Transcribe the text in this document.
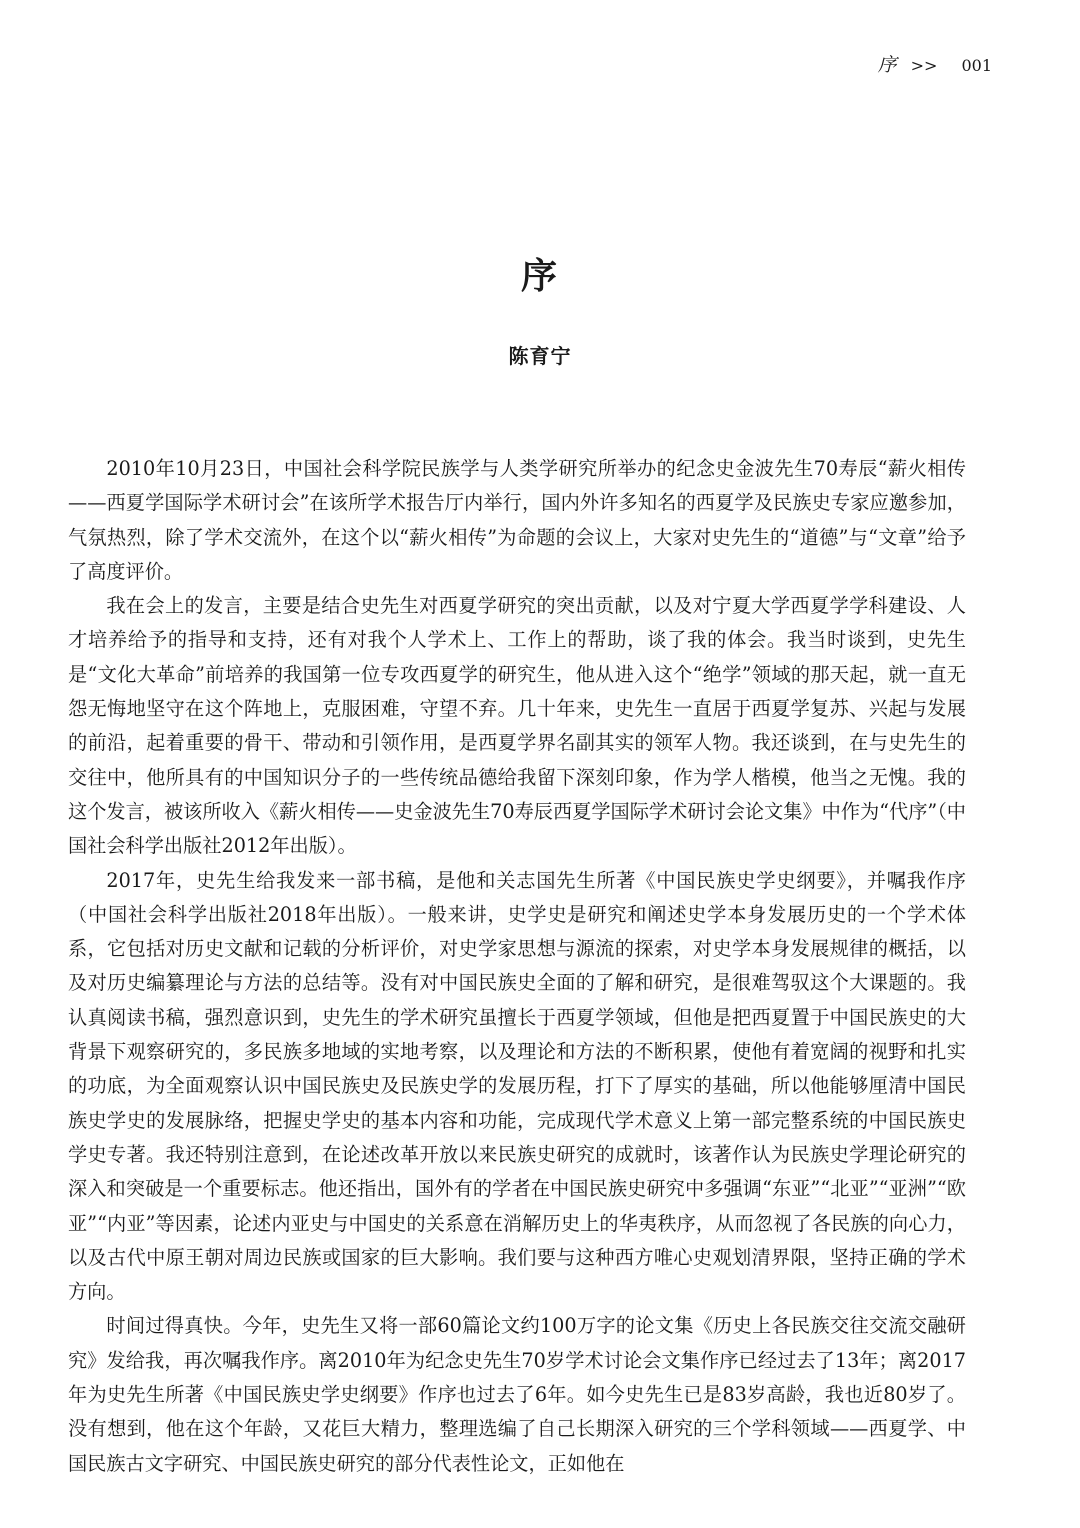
序 >> 001
序
陈育宁

2010年10月23日，中国社会科学院民族学与人类学研究所举办的纪念史金波先生70寿辰“薪火相传——西夏学国际学术研讨会”在该所学术报告厅内举行，国内外许多知名的西夏学及民族史专家应邀参加，气氛热烈，除了学术交流外，在这个以“薪火相传”为命题的会议上，大家对史先生的“道德”与“文章”给予了高度评价。

我在会上的发言，主要是结合史先生对西夏学研究的突出贡献，以及对宁夏大学西夏学学科建设、人才培养给予的指导和支持，还有对我个人学术上、工作上的帮助，谈了我的体会。我当时谈到，史先生是“文化大革命”前培养的我国第一位专攻西夏学的研究生，他从进入这个“绝学”领域的那天起，就一直无怨无悔地坚守在这个阵地上，克服困难，守望不弃。几十年来，史先生一直居于西夏学复苏、兴起与发展的前沿，起着重要的骨干、带动和引领作用，是西夏学界名副其实的领军人物。我还谈到，在与史先生的交往中，他所具有的中国知识分子的一些传统品德给我留下深刻印象，作为学人楷模，他当之无愧。我的这个发言，被该所收入《薪火相传——史金波先生70寿辰西夏学国际学术研讨会论文集》中作为“代序”（中国社会科学出版社2012年出版）。

2017年，史先生给我发来一部书稿，是他和关志国先生所著《中国民族史学史纲要》，并嘱我作序（中国社会科学出版社2018年出版）。一般来讲，史学史是研究和阐述史学本身发展历史的一个学术体系，它包括对历史文献和记载的分析评价，对史学家思想与源流的探索，对史学本身发展规律的概括，以及对历史编纂理论与方法的总结等。没有对中国民族史全面的了解和研究，是很难驾驭这个大课题的。我认真阅读书稿，强烈意识到，史先生的学术研究虽擅长于西夏学领域，但他是把西夏置于中国民族史的大背景下观察研究的，多民族多地域的实地考察，以及理论和方法的不断积累，使他有着宽阔的视野和扎实的功底，为全面观察认识中国民族史及民族史学的发展历程，打下了厚实的基础，所以他能够厘清中国民族史学史的发展脉络，把握史学史的基本内容和功能，完成现代学术意义上第一部完整系统的中国民族史学史专著。我还特别注意到，在论述改革开放以来民族史研究的成就时，该著作认为民族史学理论研究的深入和突破是一个重要标志。他还指出，国外有的学者在中国民族史研究中多强调“东亚”“北亚”“亚洲”“欧亚”“内亚”等因素，论述内亚史与中国史的关系意在消解历史上的华夷秩序，从而忽视了各民族的向心力，以及古代中原王朝对周边民族或国家的巨大影响。我们要与这种西方唯心史观划清界限，坚持正确的学术方向。

时间过得真快。今年，史先生又将一部60篇论文约100万字的论文集《历史上各民族交往交流交融研究》发给我，再次嘱我作序。离2010年为纪念史先生70岁学术讨论会文集作序已经过去了13年；离2017年为史先生所著《中国民族史学史纲要》作序也过去了6年。如今史先生已是83岁高龄，我也近80岁了。没有想到，他在这个年龄，又花巨大精力，整理选编了自己长期深入研究的三个学科领域——西夏学、中国民族古文字研究、中国民族史研究的部分代表性论文，正如他在
